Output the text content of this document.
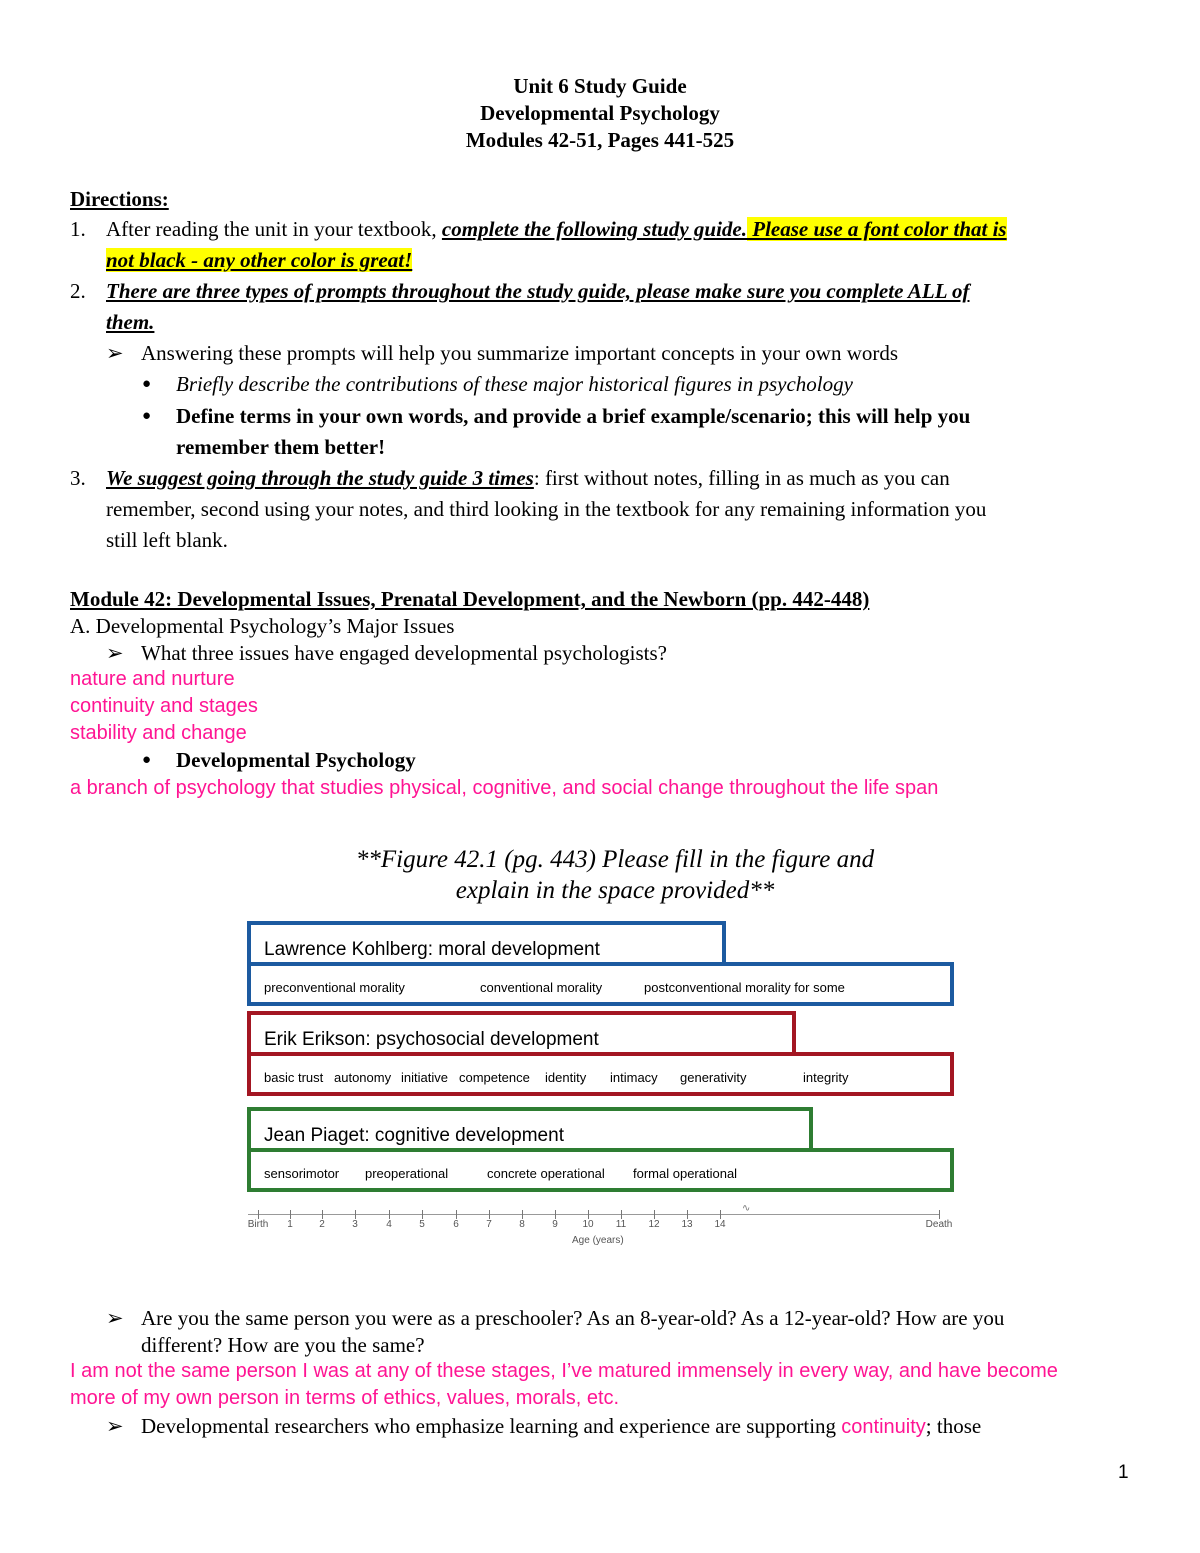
Unit 6 Study Guide
Developmental Psychology
Modules 42-51, Pages 441-525
Directions:
1. After reading the unit in your textbook, complete the following study guide. Please use a font color that is
not black - any other color is great!
2. There are three types of prompts throughout the study guide, please make sure you complete ALL of
them.
➢ Answering these prompts will help you summarize important concepts in your own words
● Briefly describe the contributions of these major historical figures in psychology
● Define terms in your own words, and provide a brief example/scenario; this will help you
remember them better!
3. We suggest going through the study guide 3 times: first without notes, filling in as much as you can
remember, second using your notes, and third looking in the textbook for any remaining information you
still left blank.
Module 42: Developmental Issues, Prenatal Development, and the Newborn (pp. 442-448)
A. Developmental Psychology’s Major Issues
➢ What three issues have engaged developmental psychologists?
nature and nurture
continuity and stages
stability and change
● Developmental Psychology
a branch of psychology that studies physical, cognitive, and social change throughout the life span
**Figure 42.1 (pg. 443) Please fill in the figure and
explain in the space provided**
Lawrence Kohlberg: moral development
preconventional morality	conventional morality	postconventional morality for some
Erik Erikson: psychosocial development
basic trust autonomy initiative competence identity intimacy generativity	integrity
Jean Piaget: cognitive development
sensorimotor preoperational	concrete operational formal operational
∿
Birth 1	2	3	4	5	6	7	8	9 10 11 12 13 14	Death
Age (years)
➢ Are you the same person you were as a preschooler? As an 8-year-old? As a 12-year-old? How are you
different? How are you the same?
I am not the same person I was at any of these stages, I’ve matured immensely in every way, and have become
more of my own person in terms of ethics, values, morals, etc.
➢ Developmental researchers who emphasize learning and experience are supporting continuity; those
1
